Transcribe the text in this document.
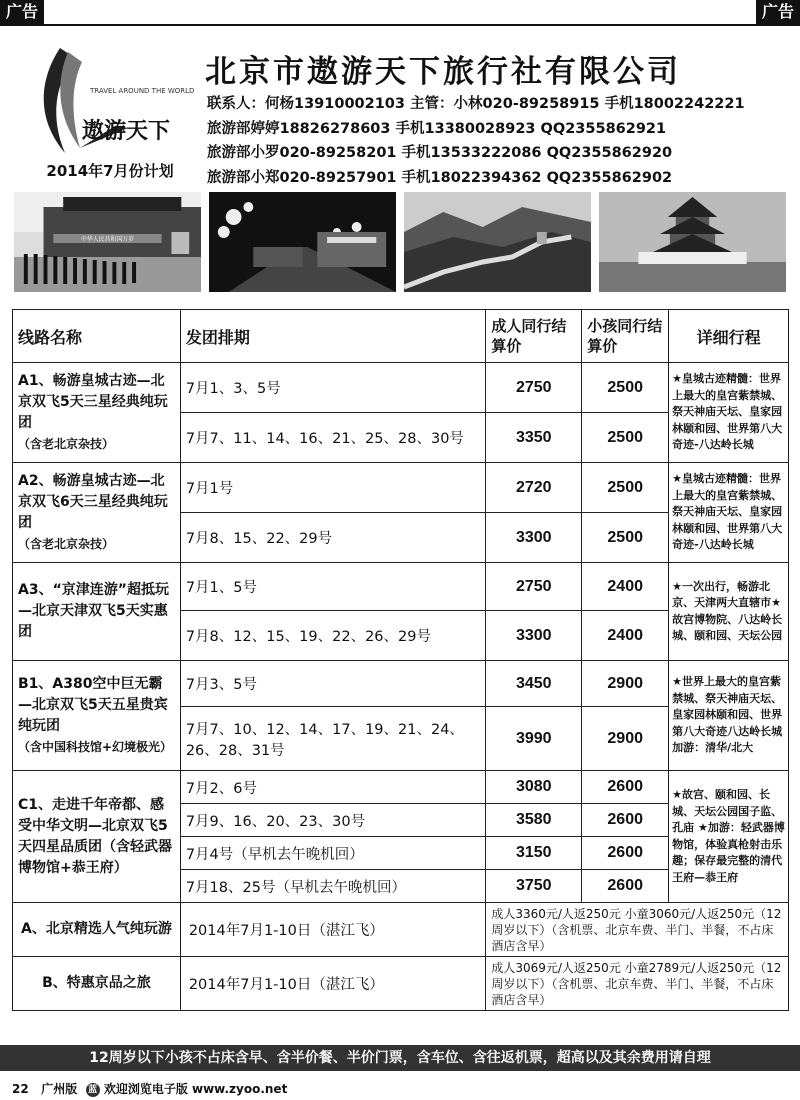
广告	广告
TRAVEL AROUND THE WORLD
遨游天下
2014年7月份计划
北京市遨游天下旅行社有限公司
联系人：何杨13910002103 主管：小林020-89258915 手机18002242221
旅游部婷婷18826278603 手机13380028923 QQ2355862921
旅游部小罗020-89258201 手机13533222086 QQ2355862920
旅游部小郑020-89257901 手机18022394362 QQ2355862902
中华人民共和国万岁
线路名称	发团排期	成人同行结算价	小孩同行结算价	详细行程

A1、畅游皇城古迹—北京双飞5天三星经典纯玩团
（含老北京杂技）	7月1、3、5号	2750	2500	★皇城古迹精髓：世界上最大的皇宫紫禁城、祭天神庙天坛、皇家园林颐和园、世界第八大奇迹-八达岭长城
	7月7、11、14、16、21、25、28、30号	3350	2500	

A2、畅游皇城古迹—北京双飞6天三星经典纯玩团
（含老北京杂技）	7月1号	2720	2500	★皇城古迹精髓：世界上最大的皇宫紫禁城、祭天神庙天坛、皇家园林颐和园、世界第八大奇迹-八达岭长城
	7月8、15、22、29号	3300	2500	

A3、“京津连游”超抵玩—北京天津双飞5天实惠团	7月1、5号	2750	2400	★一次出行，畅游北京、天津两大直辖市★故宫博物院、八达岭长城、颐和园、天坛公园
	7月8、12、15、19、22、26、29号	3300	2400	

B1、A380空中巨无霸—北京双飞5天五星贵宾纯玩团
（含中国科技馆+幻境极光）	7月3、5号	3450	2900	★世界上最大的皇宫紫禁城、祭天神庙天坛、皇家园林颐和园、世界第八大奇迹八达岭长城 加游：清华/北大
	7月7、10、12、14、17、19、21、24、26、28、31号	3990	2900	

C1、走进千年帝都、感受中华文明—北京双飞5天四星品质团（含轻武器博物馆+恭王府）	7月2、6号	3080	2600	★故宫、颐和园、长城、天坛公园国子监、孔庙 ★加游：轻武器博物馆，体验真枪射击乐趣；保存最完整的清代王府—恭王府
	7月9、16、20、23、30号	3580	2600	
	7月4号（早机去午晚机回）	3150	2600	
	7月18、25号（早机去午晚机回）	3750	2600	
A、北京精选人气纯玩游	2014年7月1-10日（湛江飞）	成人3360元/人返250元 小童3060元/人返250元（12周岁以下）（含机票、北京车费、半门、半餐，不占床酒店含早）		
B、特惠京品之旅	2014年7月1-10日（湛江飞）	成人3069元/人返250元 小童2789元/人返250元（12周岁以下）（含机票、北京车费、半门、半餐，不占床酒店含早）		
12周岁以下小孩不占床含早、含半价餐、半价门票，含车位、含往返机票，超高以及其余费用请自理
22 广州版 蓝 欢迎浏览电子版 www.zyoo.net
